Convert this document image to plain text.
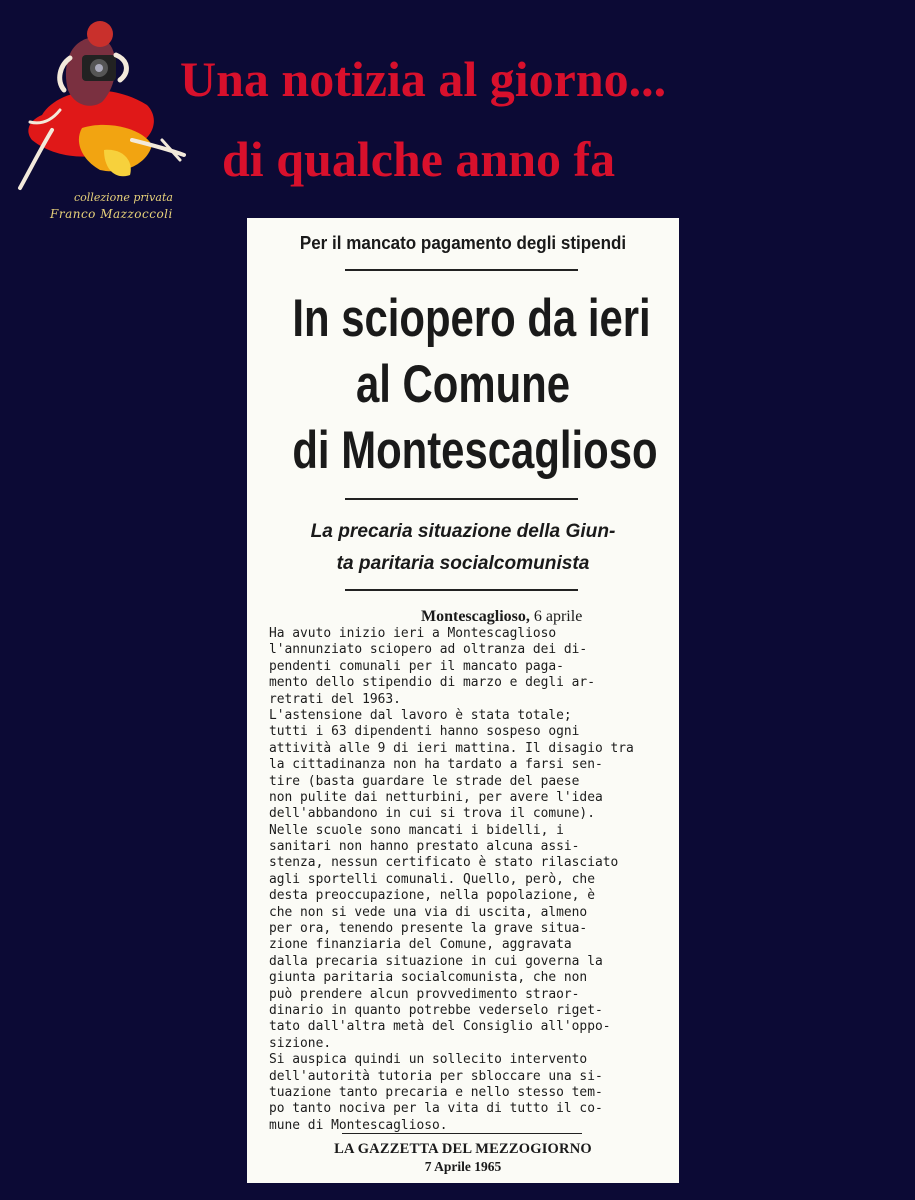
collezione privata
Franco Mazzoccoli
Una notizia al giorno...
di qualche anno fa
Per il mancato pagamento degli stipendi
In sciopero da ieri
al Comune
di Montescaglioso
La precaria situazione della Giun-
ta paritaria socialcomunista
Montescaglioso, 6 aprile
Ha avuto inizio ieri a Montescaglioso
l'annunziato sciopero ad oltranza dei di-
pendenti comunali per il mancato paga-
mento dello stipendio di marzo e degli ar-
retrati del 1963.
L'astensione dal lavoro è stata totale;
tutti i 63 dipendenti hanno sospeso ogni
attività alle 9 di ieri mattina. Il disagio tra
la cittadinanza non ha tardato a farsi sen-
tire (basta guardare le strade del paese
non pulite dai netturbini, per avere l'idea
dell'abbandono in cui si trova il comune).
Nelle scuole sono mancati i bidelli, i
sanitari non hanno prestato alcuna assi-
stenza, nessun certificato è stato rilasciato
agli sportelli comunali. Quello, però, che
desta preoccupazione, nella popolazione, è
che non si vede una via di uscita, almeno
per ora, tenendo presente la grave situa-
zione finanziaria del Comune, aggravata
dalla precaria situazione in cui governa la
giunta paritaria socialcomunista, che non
può prendere alcun provvedimento straor-
dinario in quanto potrebbe vederselo riget-
tato dall'altra metà del Consiglio all'oppo-
sizione.
Si auspica quindi un sollecito intervento
dell'autorità tutoria per sbloccare una si-
tuazione tanto precaria e nello stesso tem-
po tanto nociva per la vita di tutto il co-
mune di Montescaglioso.
LA GAZZETTA DEL MEZZOGIORNO
7 Aprile 1965
